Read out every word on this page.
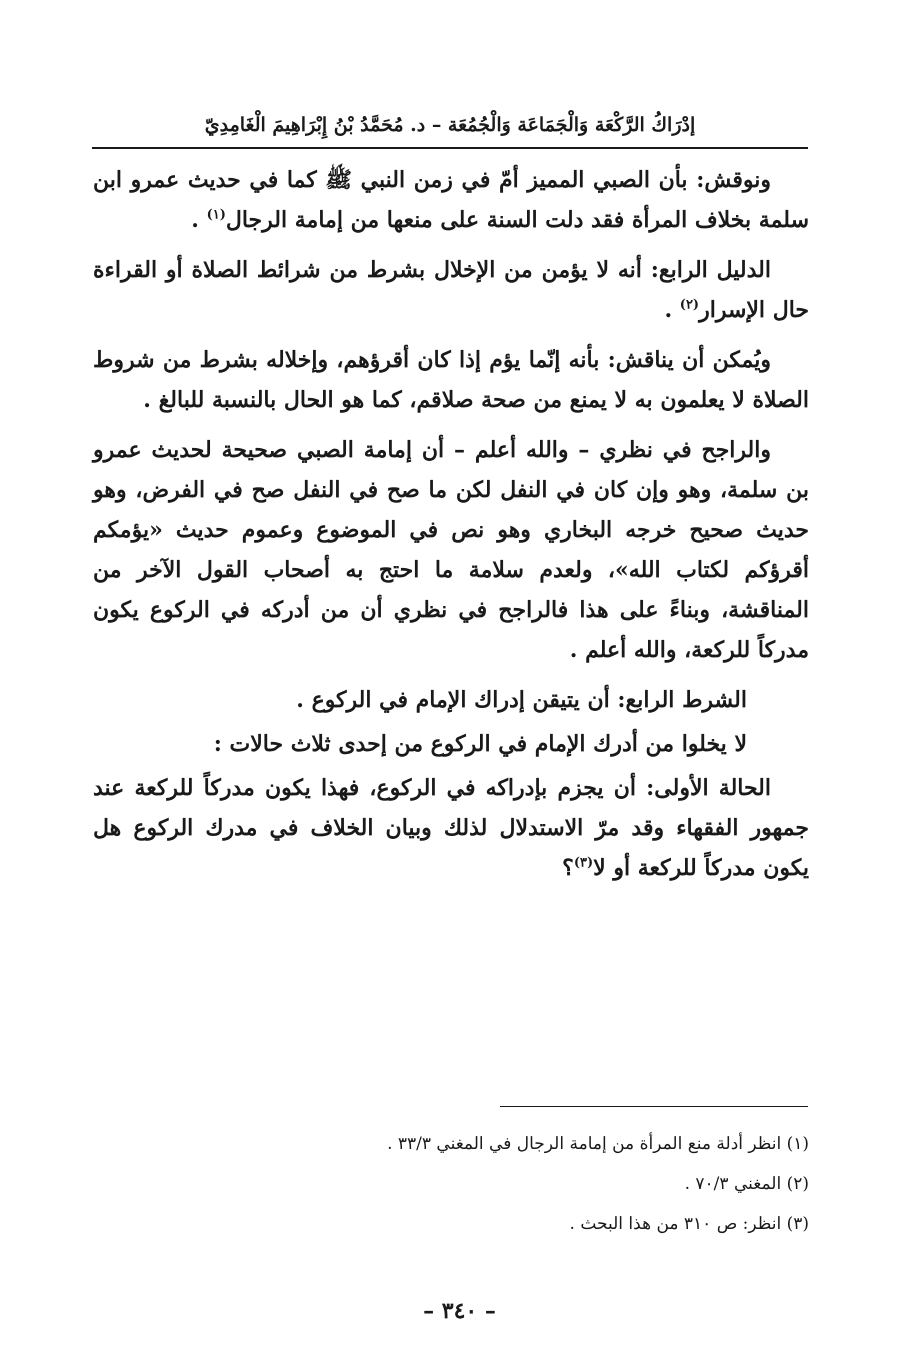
إدْرَاكُ الرَّكْعَة وَالْجَمَاعَة وَالْجُمُعَة – د. مُحَمَّدُ بْنُ إِبْرَاهِيمَ الْغَامِدِيّ

ونوقش: بأن الصبي المميز أمّ في زمن النبي ﷺ كما في حديث عمرو ابن سلمة بخلاف المرأة فقد دلت السنة على منعها من إمامة الرجال$^{(١)}$ .

الدليل الرابع: أنه لا يؤمن من الإخلال بشرط من شرائط الصلاة أو القراءة حال الإسرار$^{(٢)}$ .

ويُمكن أن يناقش: بأنه إنّما يؤم إذا كان أقرؤهم، وإخلاله بشرط من شروط الصلاة لا يعلمون به لا يمنع من صحة صلاقم، كما هو الحال بالنسبة للبالغ .

والراجح في نظري – والله أعلم – أن إمامة الصبي صحيحة لحديث عمرو بن سلمة، وهو وإن كان في النفل لكن ما صح في النفل صح في الفرض، وهو حديث صحيح خرجه البخاري وهو نص في الموضوع وعموم حديث «يؤمكم أقرؤكم لكتاب الله»، ولعدم سلامة ما احتج به أصحاب القول الآخر من المناقشة، وبناءً على هذا فالراجح في نظري أن من أدركه في الركوع يكون مدركاً للركعة، والله أعلم .

الشرط الرابع: أن يتيقن إدراك الإمام في الركوع .

لا يخلوا من أدرك الإمام في الركوع من إحدى ثلاث حالات :

الحالة الأولى: أن يجزم بإدراكه في الركوع، فهذا يكون مدركاً للركعة عند جمهور الفقهاء وقد مرّ الاستدلال لذلك وبيان الخلاف في مدرك الركوع هل يكون مدركاً للركعة أو لا$^{(٣)}$؟

(١) انظر أدلة منع المرأة من إمامة الرجال في المغني ٣٣/٣ .

(٢) المغني ٧٠/٣ .

(٣) انظر: ص ٣١٠ من هذا البحث .

– ٣٤٠ –
